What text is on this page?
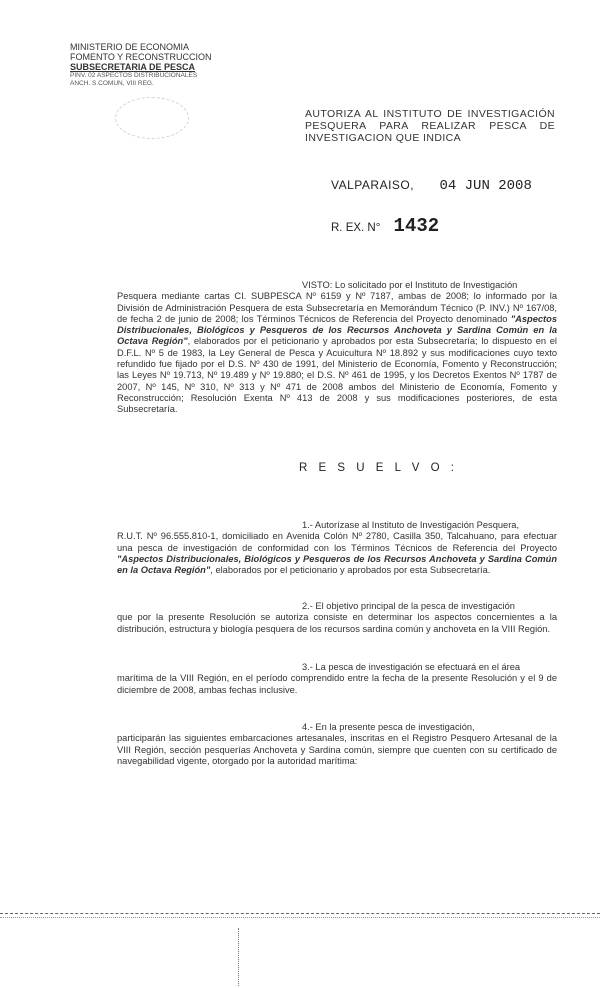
MINISTERIO DE ECONOMIA
FOMENTO Y RECONSTRUCCION
SUBSECRETARIA DE PESCA
PINV. 02 ASPECTOS DISTRIBUCIONALES
ANCH. S.COMUN, VIII REG.
AUTORIZA AL INSTITUTO DE INVESTIGACIÓN PESQUERA PARA REALIZAR PESCA DE INVESTIGACION QUE INDICA
VALPARAISO, 04 JUN 2008
R. EX. N° 1432
VISTO: Lo solicitado por el Instituto de Investigación
Pesquera mediante cartas CI. SUBPESCA Nº 6159 y Nº 7187, ambas de 2008; lo informado por la División de Administración Pesquera de esta Subsecretaría en Memorándum Técnico (P. INV.) Nº 167/08, de fecha 2 de junio de 2008; los Términos Técnicos de Referencia del Proyecto denominado "Aspectos Distribucionales, Biológicos y Pesqueros de los Recursos Anchoveta y Sardina Común en la Octava Región", elaborados por el peticionario y aprobados por esta Subsecretaría; lo dispuesto en el D.F.L. Nº 5 de 1983, la Ley General de Pesca y Acuicultura Nº 18.892 y sus modificaciones cuyo texto refundido fue fijado por el D.S. Nº 430 de 1991, del Ministerio de Economía, Fomento y Reconstrucción; las Leyes Nº 19.713, Nº 19.489 y Nº 19.880; el D.S. Nº 461 de 1995, y los Decretos Exentos Nº 1787 de 2007, Nº 145, Nº 310, Nº 313 y Nº 471 de 2008 ambos del Ministerio de Economía, Fomento y Reconstrucción; Resolución Exenta Nº 413 de 2008 y sus modificaciones posteriores, de esta Subsecretaría.
R E S U E L V O :
1.- Autorízase al Instituto de Investigación Pesquera,
R.U.T. Nº 96.555.810-1, domiciliado en Avenida Colón Nº 2780, Casilla 350, Talcahuano, para efectuar una pesca de investigación de conformidad con los Términos Técnicos de Referencia del Proyecto "Aspectos Distribucionales, Biológicos y Pesqueros de los Recursos Anchoveta y Sardina Común en la Octava Región", elaborados por el peticionario y aprobados por esta Subsecretaría.
2.- El objetivo principal de la pesca de investigación
que por la presente Resolución se autoriza consiste en determinar los aspectos concernientes a la distribución, estructura y biología pesquera de los recursos sardina común y anchoveta en la VIII Región.
3.- La pesca de investigación se efectuará en el área
marítima de la VIII Región, en el período comprendido entre la fecha de la presente Resolución y el 9 de diciembre de 2008, ambas fechas inclusive.
4.- En la presente pesca de investigación,
participarán las siguientes embarcaciones artesanales, inscritas en el Registro Pesquero Artesanal de la VIII Región, sección pesquerías Anchoveta y Sardina común, siempre que cuenten con su certificado de navegabilidad vigente, otorgado por la autoridad marítima:
